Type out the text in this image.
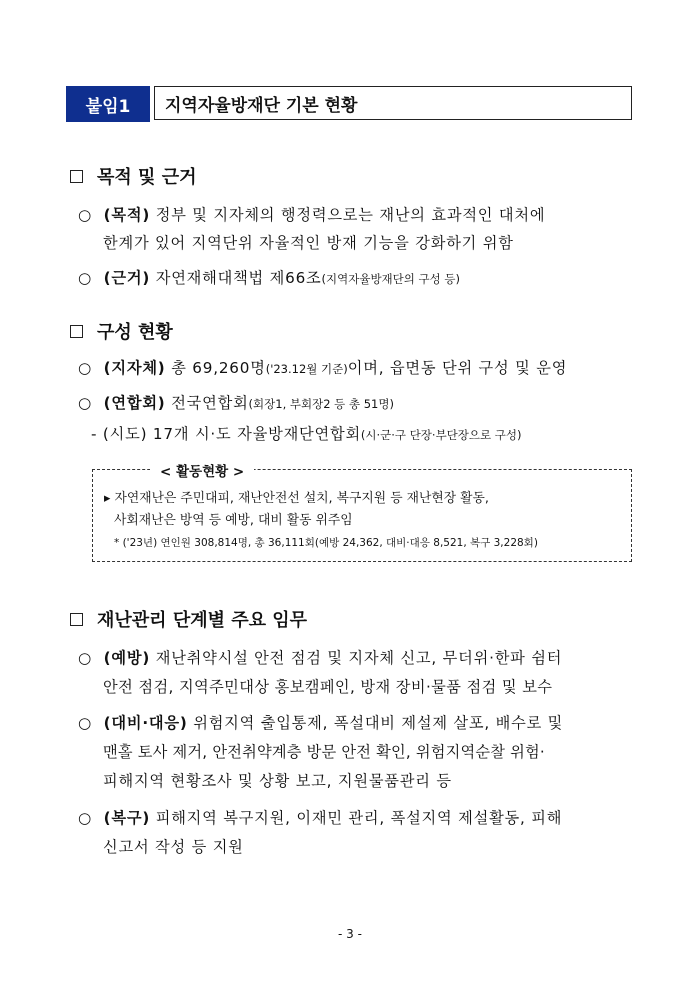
붙임1	지역자율방재단 기본 현황
목적 및 근거
○ (목적) 정부 및 지자체의 행정력으로는 재난의 효과적인 대처에
한계가 있어 지역단위 자율적인 방재 기능을 강화하기 위함
○ (근거) 자연재해대책법 제66조(지역자율방재단의 구성 등)
구성 현황
○ (지자체) 총 69,260명('23.12월 기준)이며, 읍면동 단위 구성 및 운영
○ (연합회) 전국연합회(회장1, 부회장2 등 총 51명)
- (시도) 17개 시·도 자율방재단연합회(시·군·구 단장·부단장으로 구성)
< 활동현황 >
▸ 자연재난은 주민대피, 재난안전선 설치, 복구지원 등 재난현장 활동,
사회재난은 방역 등 예방, 대비 활동 위주임
* ('23년) 연인원 308,814명, 총 36,111회(예방 24,362, 대비·대응 8,521, 복구 3,228회)
재난관리 단계별 주요 임무
○ (예방) 재난취약시설 안전 점검 및 지자체 신고, 무더위·한파 쉼터
안전 점검, 지역주민대상 홍보캠페인, 방재 장비·물품 점검 및 보수
○ (대비·대응) 위험지역 출입통제, 폭설대비 제설제 살포, 배수로 및
맨홀 토사 제거, 안전취약계층 방문 안전 확인, 위험지역순찰 위험·
피해지역 현황조사 및 상황 보고, 지원물품관리 등
○ (복구) 피해지역 복구지원, 이재민 관리, 폭설지역 제설활동, 피해
신고서 작성 등 지원
- 3 -
